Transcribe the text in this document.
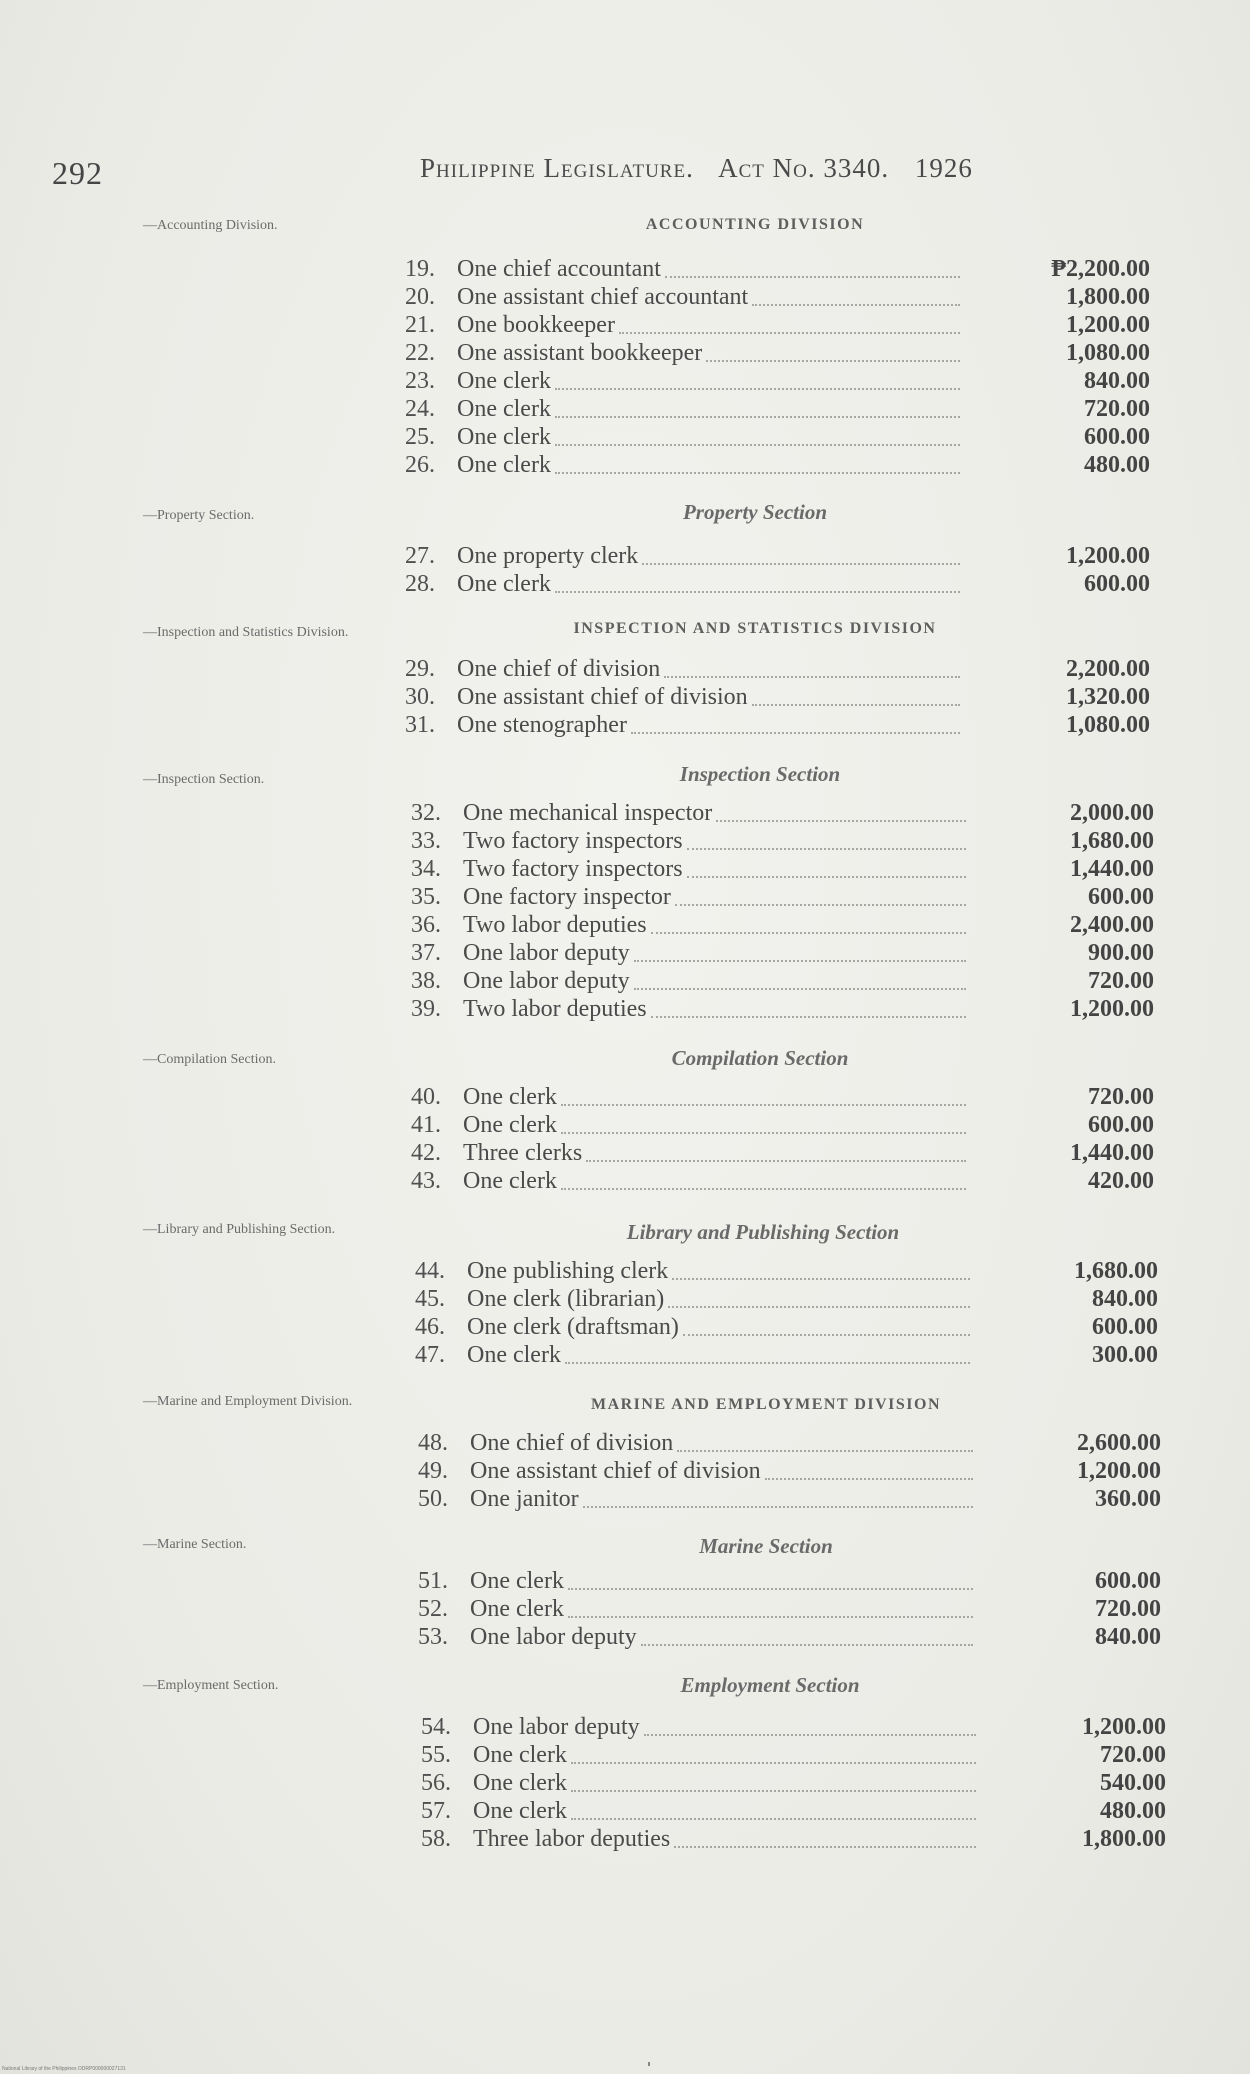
292	Philippine Legislature. Act No. 3340. 1926
—Accounting Division.	ACCOUNTING DIVISION
19. One chief accountant	₱2,200.00
20. One assistant chief accountant	1,800.00
21. One bookkeeper	1,200.00
22. One assistant bookkeeper	1,080.00
23. One clerk	840.00
24. One clerk	720.00
25. One clerk	600.00
26. One clerk	480.00
—Property Section.	Property Section
27. One property clerk	1,200.00
28. One clerk	600.00
—Inspection and Statistics Division.	INSPECTION AND STATISTICS DIVISION
29. One chief of division	2,200.00
30. One assistant chief of division	1,320.00
31. One stenographer	1,080.00
—Inspection Section.	Inspection Section
32. One mechanical inspector	2,000.00
33. Two factory inspectors	1,680.00
34. Two factory inspectors	1,440.00
35. One factory inspector	600.00
36. Two labor deputies	2,400.00
37. One labor deputy	900.00
38. One labor deputy	720.00
39. Two labor deputies	1,200.00
—Compilation Section.	Compilation Section
40. One clerk	720.00
41. One clerk	600.00
42. Three clerks	1,440.00
43. One clerk	420.00
—Library and Publishing Section.	Library and Publishing Section
44. One publishing clerk	1,680.00
45. One clerk (librarian)	840.00
46. One clerk (draftsman)	600.00
47. One clerk	300.00
—Marine and Employment Division.	MARINE AND EMPLOYMENT DIVISION
48. One chief of division	2,600.00
49. One assistant chief of division	1,200.00
50. One janitor	360.00
—Marine Section.	Marine Section
51. One clerk	600.00
52. One clerk	720.00
53. One labor deputy	840.00
—Employment Section.	Employment Section
54. One labor deputy	1,200.00
55. One clerk	720.00
56. One clerk	540.00
57. One clerk	480.00
58. Three labor deputies	1,800.00
National Library of the Philippines ODRP000000027131
